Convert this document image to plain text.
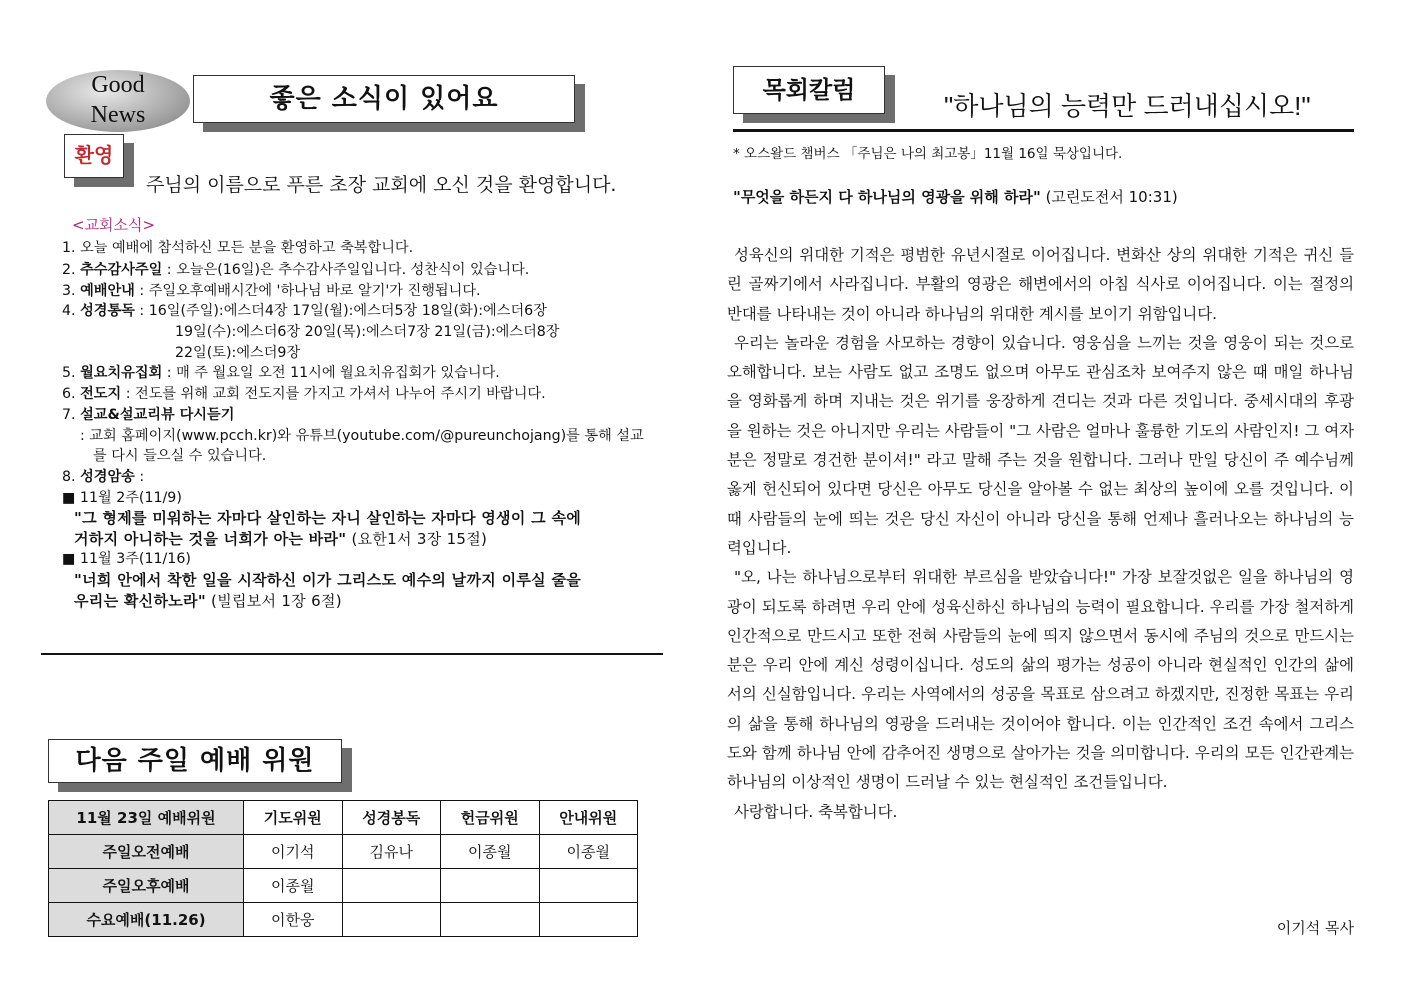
Good
News
좋은 소식이 있어요
환영
주님의 이름으로 푸른 초장 교회에 오신 것을 환영합니다.
<교회소식>
1. 오늘 예배에 참석하신 모든 분을 환영하고 축복합니다.
2. 추수감사주일 : 오늘은(16일)은 추수감사주일입니다. 성찬식이 있습니다.
3. 예배안내 : 주일오후예배시간에 '하나님 바로 알기'가 진행됩니다.
4. 성경통독 : 16일(주일):에스더4장 17일(월):에스더5장 18일(화):에스더6장
19일(수):에스더6장 20일(목):에스더7장 21일(금):에스더8장
22일(토):에스더9장
5. 월요치유집회 : 매 주 월요일 오전 11시에 월요치유집회가 있습니다.
6. 전도지 : 전도를 위해 교회 전도지를 가지고 가셔서 나누어 주시기 바랍니다.
7. 설교&설교리뷰 다시듣기
: 교회 홈페이지(www.pcch.kr)와 유튜브(youtube.com/@pureunchojang)를 통해 설교
를 다시 들으실 수 있습니다.
8. 성경암송 :
■ 11월 2주(11/9)
"그 형제를 미워하는 자마다 살인하는 자니 살인하는 자마다 영생이 그 속에
거하지 아니하는 것을 너희가 아는 바라" (요한1서 3장 15절)
■ 11월 3주(11/16)
"너희 안에서 착한 일을 시작하신 이가 그리스도 예수의 날까지 이루실 줄을
우리는 확신하노라" (빌립보서 1장 6절)
다음 주일 예배 위원
11월 23일 예배위원	기도위원	성경봉독	헌금위원	안내위원
주일오전예배	이기석	김유나	이종월	이종월
주일오후예배	이종월			
수요예배(11.26)	이한웅			
목회칼럼
"하나님의 능력만 드러내십시오!"
* 오스왈드 챔버스 「주님은 나의 최고봉」11월 16일 묵상입니다.
"무엇을 하든지 다 하나님의 영광을 위해 하라" (고린도전서 10:31)

성육신의 위대한 기적은 평범한 유년시절로 이어집니다. 변화산 상의 위대한 기적은 귀신 들린 골짜기에서 사라집니다. 부활의 영광은 해변에서의 아침 식사로 이어집니다. 이는 절정의 반대를 나타내는 것이 아니라 하나님의 위대한 계시를 보이기 위함입니다.

우리는 놀라운 경험을 사모하는 경향이 있습니다. 영웅심을 느끼는 것을 영웅이 되는 것으로 오해합니다. 보는 사람도 없고 조명도 없으며 아무도 관심조차 보여주지 않은 때 매일 하나님을 영화롭게 하며 지내는 것은 위기를 웅장하게 견디는 것과 다른 것입니다. 중세시대의 후광을 원하는 것은 아니지만 우리는 사람들이 "그 사람은 얼마나 훌륭한 기도의 사람인지! 그 여자분은 정말로 경건한 분이셔!" 라고 말해 주는 것을 원합니다. 그러나 만일 당신이 주 예수님께 옳게 헌신되어 있다면 당신은 아무도 당신을 알아볼 수 없는 최상의 높이에 오를 것입니다. 이때 사람들의 눈에 띄는 것은 당신 자신이 아니라 당신을 통해 언제나 흘러나오는 하나님의 능력입니다.

"오, 나는 하나님으로부터 위대한 부르심을 받았습니다!" 가장 보잘것없은 일을 하나님의 영광이 되도록 하려면 우리 안에 성육신하신 하나님의 능력이 필요합니다. 우리를 가장 철저하게 인간적으로 만드시고 또한 전혀 사람들의 눈에 띄지 않으면서 동시에 주님의 것으로 만드시는 분은 우리 안에 계신 성령이십니다. 성도의 삶의 평가는 성공이 아니라 현실적인 인간의 삶에서의 신실함입니다. 우리는 사역에서의 성공을 목표로 삼으려고 하겠지만, 진정한 목표는 우리의 삶을 통해 하나님의 영광을 드러내는 것이어야 합니다. 이는 인간적인 조건 속에서 그리스도와 함께 하나님 안에 감추어진 생명으로 살아가는 것을 의미합니다. 우리의 모든 인간관계는 하나님의 이상적인 생명이 드러날 수 있는 현실적인 조건들입니다.

사랑합니다. 축복합니다.

이기석 목사
